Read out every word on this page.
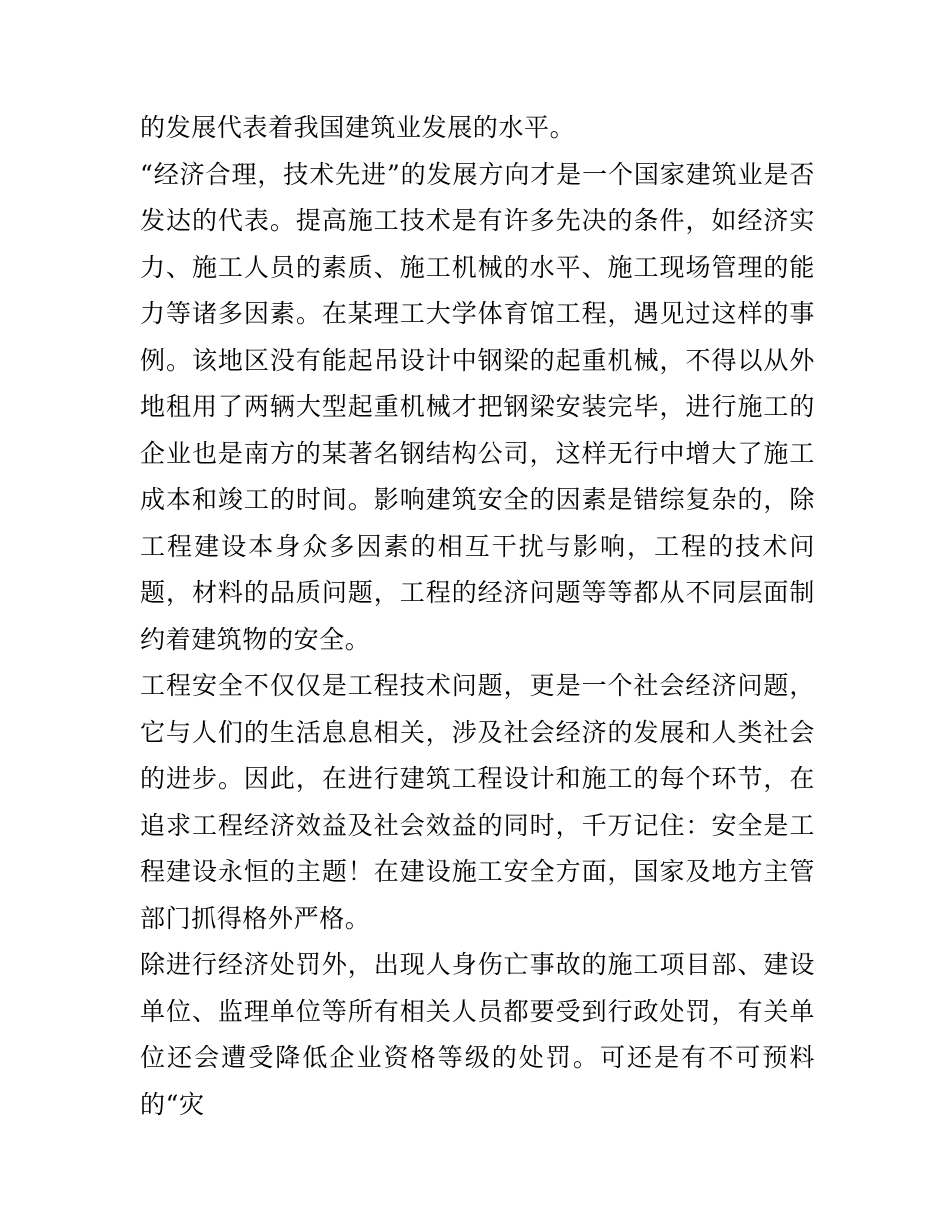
的发展代表着我国建筑业发展的水平。

“经济合理，技术先进”的发展方向才是一个国家建筑业是否发达的代表。提高施工技术是有许多先决的条件，如经济实力、施工人员的素质、施工机械的水平、施工现场管理的能力等诸多因素。在某理工大学体育馆工程，遇见过这样的事例。该地区没有能起吊设计中钢梁的起重机械，不得以从外地租用了两辆大型起重机械才把钢梁安装完毕，进行施工的企业也是南方的某著名钢结构公司，这样无行中增大了施工成本和竣工的时间。影响建筑安全的因素是错综复杂的，除工程建设本身众多因素的相互干扰与影响，工程的技术问题，材料的品质问题，工程的经济问题等等都从不同层面制约着建筑物的安全。

工程安全不仅仅是工程技术问题，更是一个社会经济问题，它与人们的生活息息相关，涉及社会经济的发展和人类社会的进步。因此，在进行建筑工程设计和施工的每个环节，在追求工程经济效益及社会效益的同时，千万记住：安全是工程建设永恒的主题！在建设施工安全方面，国家及地方主管部门抓得格外严格。

除进行经济处罚外，出现人身伤亡事故的施工项目部、建设单位、监理单位等所有相关人员都要受到行政处罚，有关单位还会遭受降低企业资格等级的处罚。可还是有不可预料的“灾
